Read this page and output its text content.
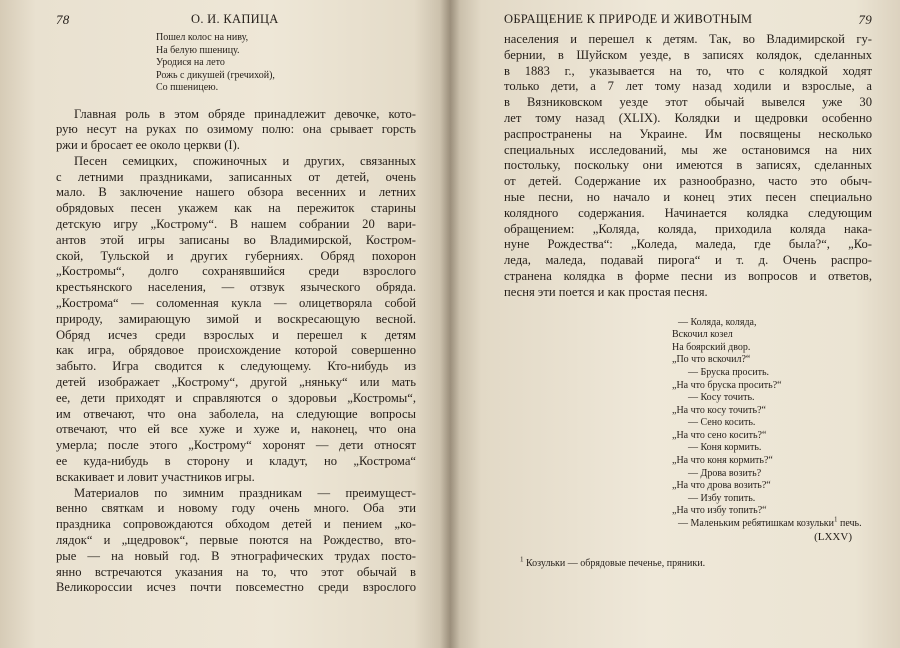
78	О. И. КАПИЦА
Пошел колос на ниву,
На белую пшеницу.
Уродися на лето
Рожь с дикушей (гречихой),
Со пшеницею.
Главная роль в этом обряде принадлежит девочке, кото-
рую несут на руках по озимому полю: она срывает горсть
ржи и бросает ее около церкви (I).
Песен семицких, спожиночных и других, связанных
с летними праздниками, записанных от детей, очень
мало. В заключение нашего обзора весенних и летних
обрядовых песен укажем как на пережиток старины
детскую игру „Кострому“. В нашем собрании 20 вари-
антов этой игры записаны во Владимирской, Костром-
ской, Тульской и других губерниях. Обряд похорон
„Костромы“, долго сохранявшийся среди взрослого
крестьянского населения, — отзвук языческого обряда.
„Кострома“ — соломенная кукла — олицетворяла собой
природу, замирающую зимой и воскресающую весной.
Обряд исчез среди взрослых и перешел к детям
как игра, обрядовое происхождение которой совершенно
забыто. Игра сводится к следующему. Кто-нибудь из
детей изображает „Кострому“, другой „няньку“ или мать
ее, дети приходят и справляются о здоровьи „Костромы“,
им отвечают, что она заболела, на следующие вопросы
отвечают, что ей все хуже и хуже и, наконец, что она
умерла; после этого „Кострому“ хоронят — дети относят
ее куда-нибудь в сторону и кладут, но „Кострома“
вскакивает и ловит участников игры.
Материалов по зимним праздникам — преимущест-
венно святкам и новому году очень много. Оба эти
праздника сопровождаются обходом детей и пением „ко-
лядок“ и „щедровок“, первые поются на Рождество, вто-
рые — на новый год. В этнографических трудах посто-
янно встречаются указания на то, что этот обычай в
Великороссии исчез почти повсеместно среди взрослого
ОБРАЩЕНИЕ К ПРИРОДЕ И ЖИВОТНЫМ	79
населения и перешел к детям. Так, во Владимирской гу-
бернии, в Шуйском уезде, в записях колядок, сделанных
в 1883 г., указывается на то, что с колядкой ходят
только дети, а 7 лет тому назад ходили и взрослые, а
в Вязниковском уезде этот обычай вывелся уже 30
лет тому назад (XLIX). Колядки и щедровки особенно
распространены на Украине. Им посвящены несколько
специальных исследований, мы же остановимся на них
постольку, поскольку они имеются в записях, сделанных
от детей. Содержание их разнообразно, часто это обыч-
ные песни, но начало и конец этих песен специально
колядного содержания. Начинается колядка следующим
обращением: „Коляда, коляда, приходила коляда нака-
нуне Рождества“: „Коледа, маледа, где была?“, „Ко-
леда, маледа, подавай пирога“ и т. д. Очень распро-
странена колядка в форме песни из вопросов и ответов,
песня эти поется и как простая песня.
— Коляда, коляда,
Вскочил козел
На боярский двор.
„По что вскочил?“
— Бруска просить.
„На что бруска просить?“
— Косу точить.
„На что косу точить?“
— Сено косить.
„На что сено косить?“
— Коня кормить.
„На что коня кормить?“
— Дрова возить?
„На что дрова возить?“
— Избу топить.
„На что избу топить?“
— Маленьким ребятишкам козульки$^1$ печь.
(LXXV)
$^1$ Козульки — обрядовые печенье, пряники.
